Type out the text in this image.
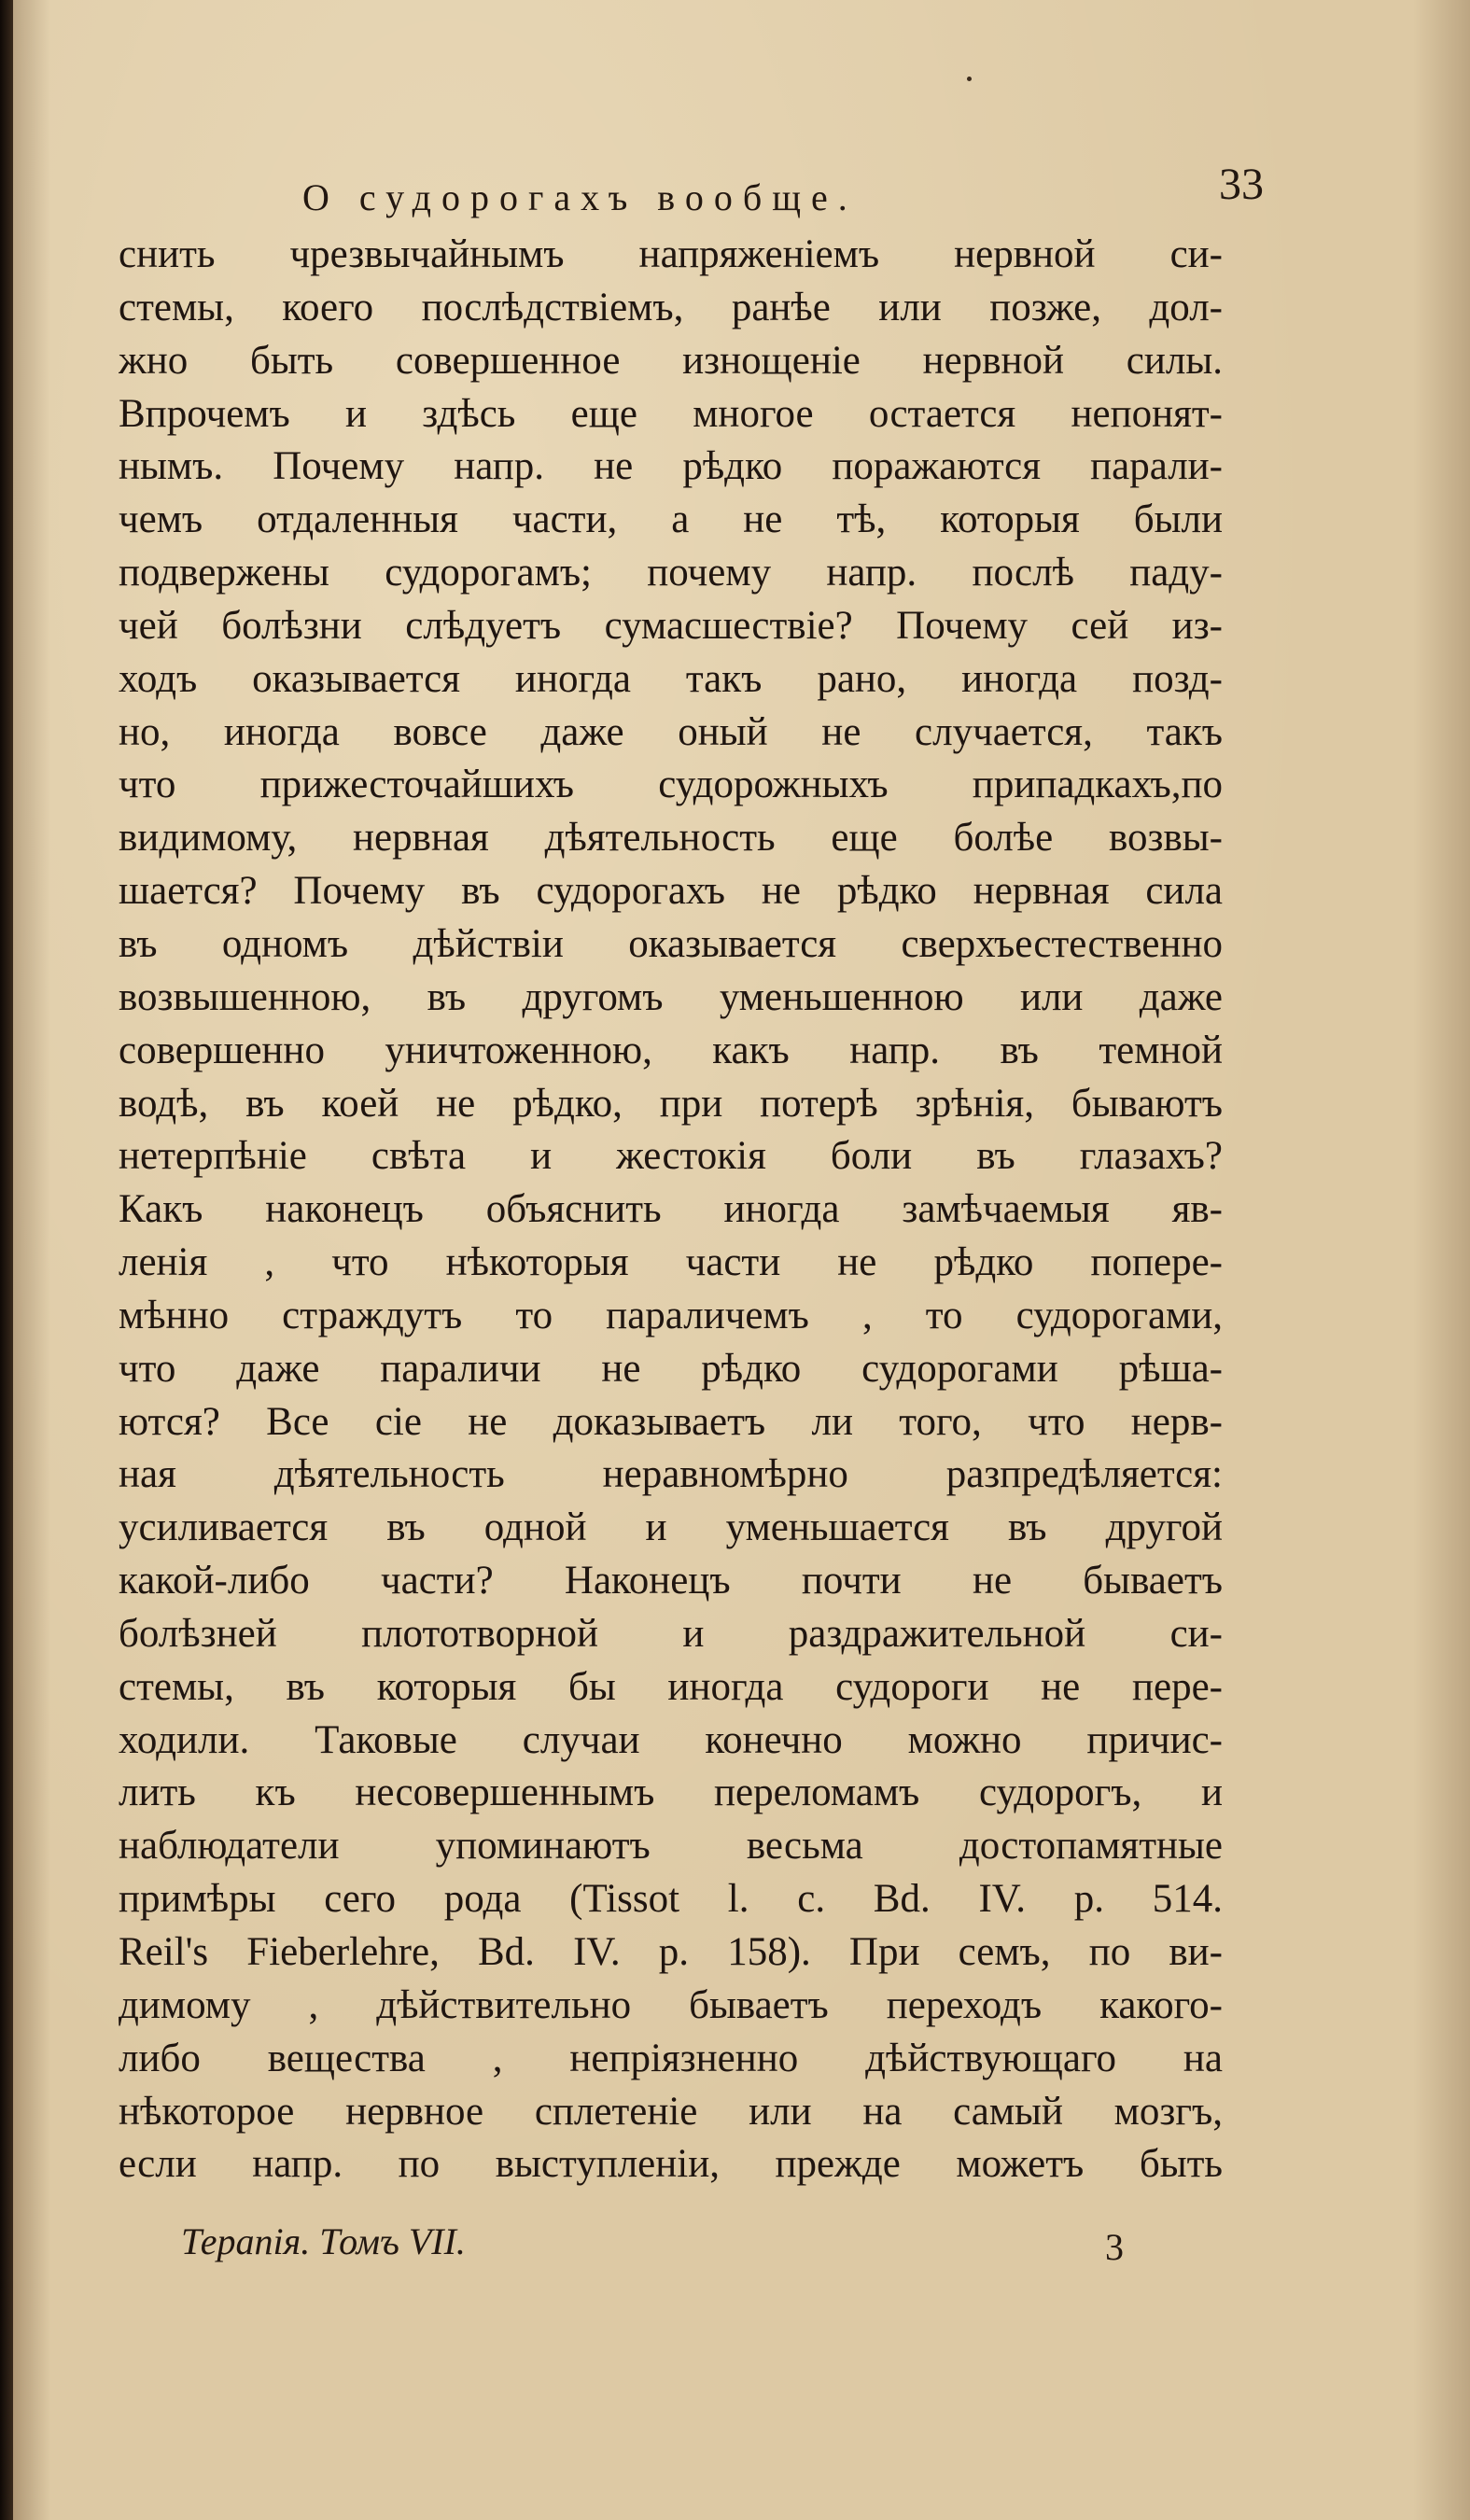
О судорогахъ вообще.	33
снить чрезвычайнымъ напряженіемъ нервной си-
стемы, коего послѣдствіемъ, ранѣе или позже, дол-
жно быть совершенное изнощеніе нервной силы.
Впрочемъ и здѣсь еще многое остается непонят-
нымъ. Почему напр. не рѣдко поражаются парали-
чемъ отдаленныя части, а не тѣ, которыя были
подвержены судорогамъ; почему напр. послѣ паду-
чей болѣзни слѣдуетъ сумасшествіе? Почему сей из-
ходъ оказывается иногда такъ рано, иногда позд-
но, иногда вовсе даже оный не случается, такъ
что прижесточайшихъ судорожныхъ припадкахъ,по
видимому, нервная дѣятельность еще болѣе возвы-
шается? Почему въ судорогахъ не рѣдко нервная сила
въ одномъ дѣйствіи оказывается сверхъестественно
возвышенною, въ другомъ уменьшенною или даже
совершенно уничтоженною, какъ напр. въ темной
водѣ, въ коей не рѣдко, при потерѣ зрѣнія, бываютъ
нетерпѣніе свѣта и жестокія боли въ глазахъ?
Какъ наконецъ объяснить иногда замѣчаемыя яв-
ленія , что нѣкоторыя части не рѣдко попере-
мѣнно страждутъ то параличемъ , то судорогами,
что даже параличи не рѣдко судорогами рѣша-
ются? Все сіе не доказываетъ ли того, что нерв-
ная дѣятельность неравномѣрно разпредѣляется:
усиливается въ одной и уменьшается въ другой
какой-либо части? Наконецъ почти не бываетъ
болѣзней плототворной и раздражительной си-
стемы, въ которыя бы иногда судороги не пере-
ходили. Таковые случаи конечно можно причис-
лить къ несовершеннымъ переломамъ судорогъ, и
наблюдатели упоминаютъ весьма достопамятные
примѣры сего рода (Tissot l. c. Bd. IV. p. 514.
Reil's Fieberlehre, Bd. IV. p. 158). При семъ, по ви-
димому , дѣйствительно бываетъ переходъ какого-
либо вещества , непріязненно дѣйствующаго на
нѣкоторое нервное сплетеніе или на самый мозгъ,
если напр. по выступленіи, прежде можетъ быть
Терапія. Томъ VII.	3
